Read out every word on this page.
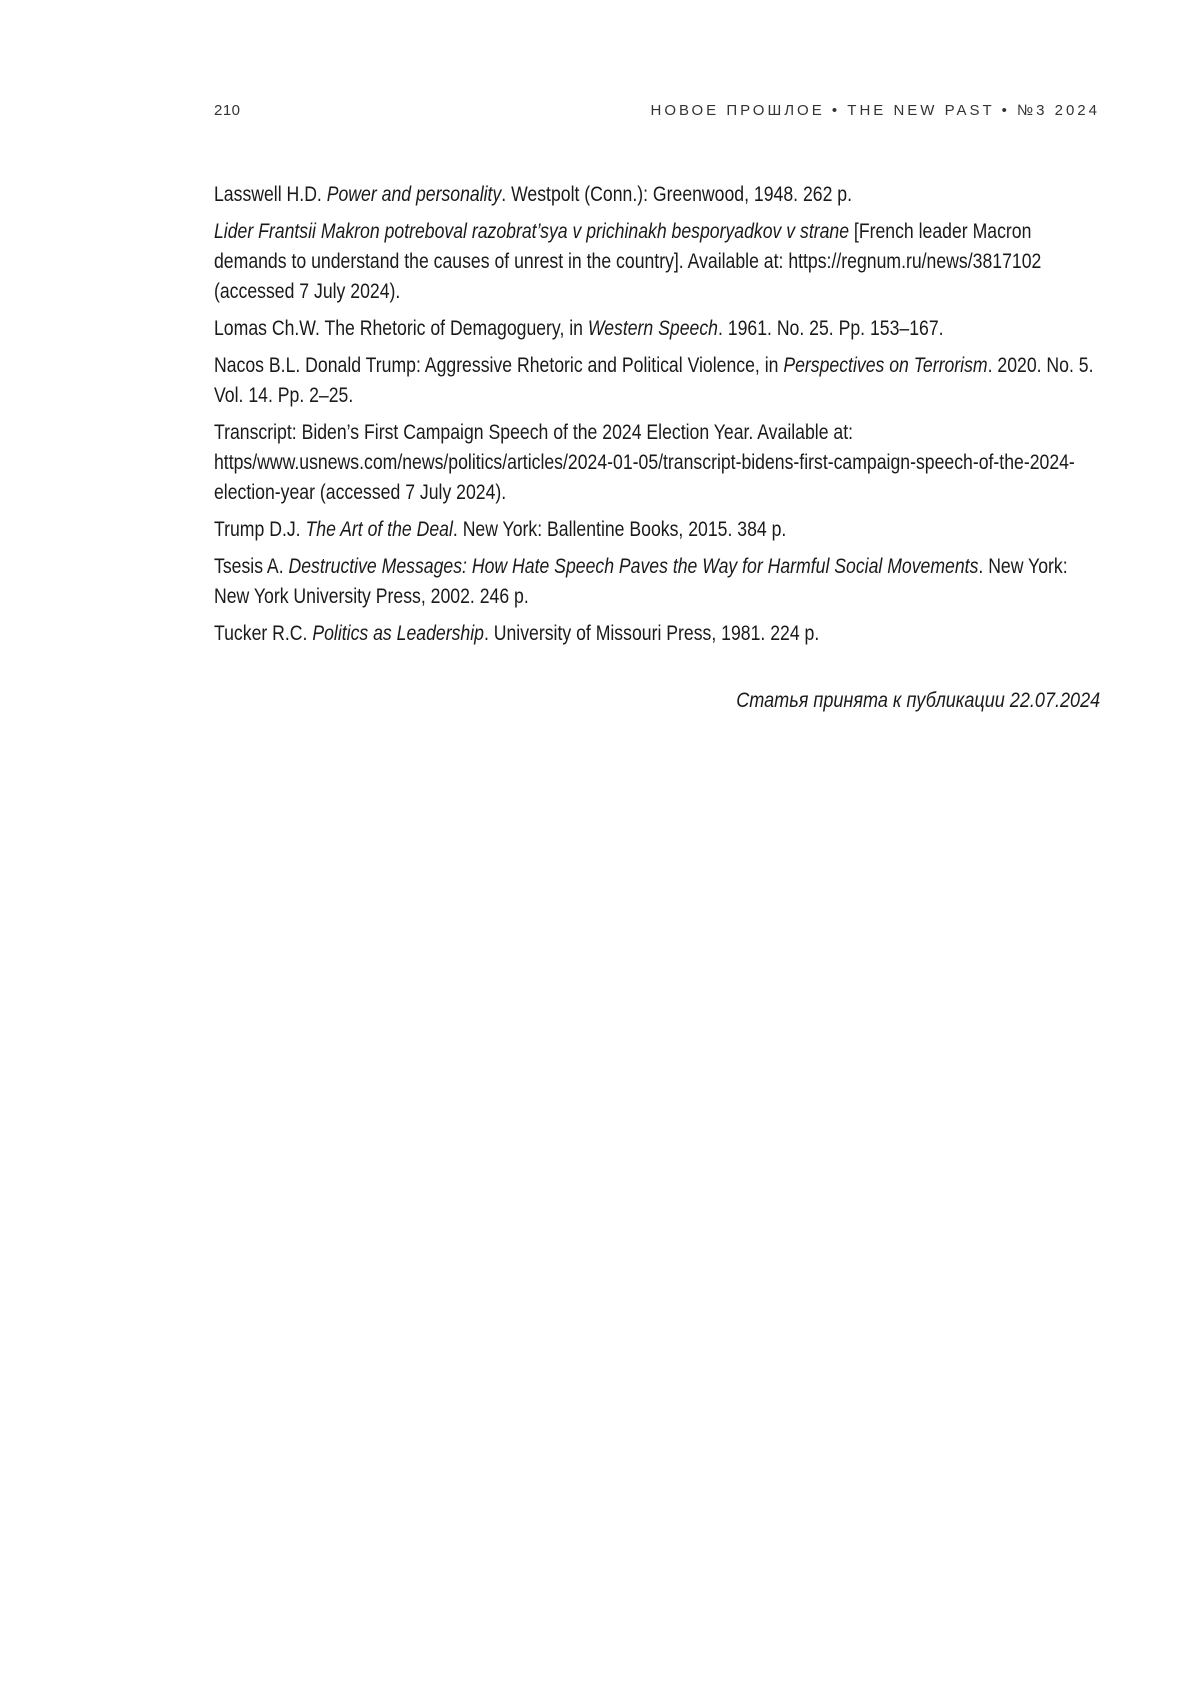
210	НОВОЕ ПРОШЛОЕ • THE NEW PAST • №3 2024

Lasswell H.D. Power and personality. Westpolt (Conn.): Greenwood, 1948. 262 p.

Lider Frantsii Makron potreboval razobrat’sya v prichinakh besporyadkov v strane [French leader Macron demands to understand the causes of unrest in the country]. Available at: https://regnum.ru/news/3817102 (accessed 7 July 2024).

Lomas Ch.W. The Rhetoric of Demagoguery, in Western Speech. 1961. No. 25. Pp. 153–167.

Nacos B.L. Donald Trump: Aggressive Rhetoric and Political Violence, in Perspectives on Terrorism. 2020. No. 5. Vol. 14. Pp. 2–25.

Transcript: Biden’s First Campaign Speech of the 2024 Election Year. Available at: https/www.usnews.com/news/politics/articles/2024-01-05/transcript-bidens-first-campaign-speech-of-the-2024-election-year (accessed 7 July 2024).

Trump D.J. The Art of the Deal. New York: Ballentine Books, 2015. 384 p.

Tsesis A. Destructive Messages: How Hate Speech Paves the Way for Harmful Social Movements. New York: New York University Press, 2002. 246 p.

Tucker R.C. Politics as Leadership. University of Missouri Press, 1981. 224 p.

Статья принята к публикации 22.07.2024
